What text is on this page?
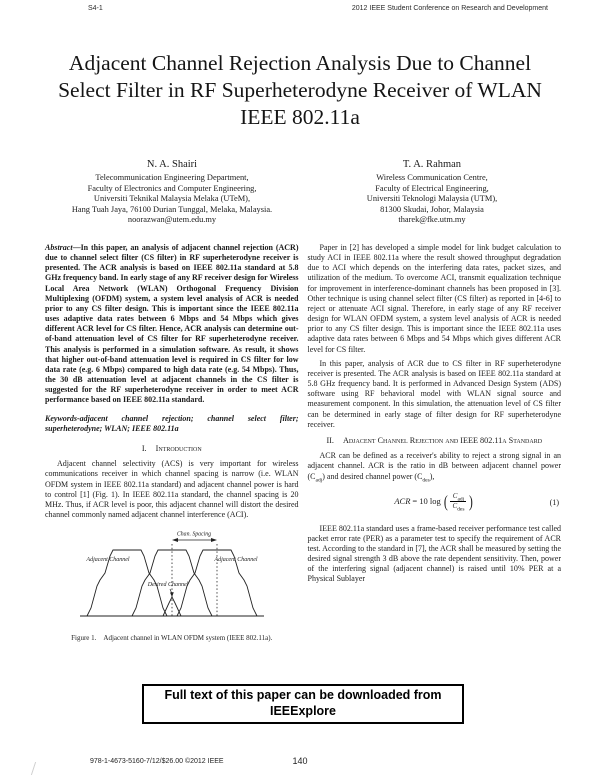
S4-1	2012 IEEE Student Conference on Research and Development
Adjacent Channel Rejection Analysis Due to Channel Select Filter in RF Superheterodyne Receiver of WLAN IEEE 802.11a
N. A. Shairi
Telecommunication Engineering Department,
Faculty of Electronics and Computer Engineering,
Universiti Teknikal Malaysia Melaka (UTeM),
Hang Tuah Jaya, 76100 Durian Tunggal, Melaka, Malaysia.
noorazwan@utem.edu.my
T. A. Rahman
Wireless Communication Centre,
Faculty of Electrical Engineering,
Universiti Teknologi Malaysia (UTM),
81300 Skudai, Johor, Malaysia
tharek@fke.utm.my

Abstract—In this paper, an analysis of adjacent channel rejection (ACR) due to channel select filter (CS filter) in RF superheterodyne receiver is presented. The ACR analysis is based on IEEE 802.11a standard at 5.8 GHz frequency band. In early stage of any RF receiver design for Wireless Local Area Network (WLAN) Orthogonal Frequency Division Multiplexing (OFDM) system, a system level analysis of ACR is needed prior to any CS filter design. This is important since the IEEE 802.11a uses adaptive data rates between 6 Mbps and 54 Mbps which gives different ACR level for CS filter. Hence, ACR analysis can determine out-of-band attenuation level of CS filter for RF superheterodyne receiver. This analysis is performed in a simulation software. As result, it shows that higher out-of-band attenuation level is required in CS filter for low data rate (e.g. 6 Mbps) compared to high data rate (e.g. 54 Mbps). Thus, the 30 dB attenuation level at adjacent channels in the CS filter is suggested for the RF superheterodyne receiver in order to meet ACR performance based on IEEE 802.11a standard.

Keywords-adjacent channel rejection; channel select filter; superheterodyne; WLAN; IEEE 802.11a

I. Introduction

Adjacent channel selectivity (ACS) is very important for wireless communications receiver in which channel spacing is narrow (i.e. WLAN OFDM system in IEEE 802.11a standard) and adjacent channel power is hard to control [1] (Fig. 1). In IEEE 802.11a standard, the channel spacing is 20 MHz. Thus, if ACR level is poor, this adjacent channel will distort the desired channel commonly named adjacent channel interference (ACI).

Chan. Spacing
Adjacent Channel	Adjacent Channel
Desired Channel
Figure 1. Adjacent channel in WLAN OFDM system (IEEE 802.11a).

Paper in [2] has developed a simple model for link budget calculation to study ACI in IEEE 802.11a where the result showed throughput degradation due to ACI which depends on the interfering data rates, packet sizes, and utilization of the medium. To overcome ACI, transmit equalization technique for improvement in interference-dominant channels has been proposed in [3]. Other technique is using channel select filter (CS filter) as reported in [4-6] to reject or attenuate ACI signal. Therefore, in early stage of any RF receiver design for WLAN OFDM system, a system level analysis of ACR is needed prior to any CS filter design. This is important since the IEEE 802.11a uses adaptive data rates between 6 Mbps and 54 Mbps which gives different ACR level for CS filter.

In this paper, analysis of ACR due to CS filter in RF superheterodyne receiver is presented. The ACR analysis is based on IEEE 802.11a standard at 5.8 GHz frequency band. It is performed in Advanced Design System (ADS) software using RF behavioral model with WLAN signal source and measurement component. In this simulation, the attenuation level of CS filter can be determined in early stage of filter design for RF superheterodyne receiver.

II. Adjacent Channel Rejection and IEEE 802.11a Standard

ACR can be defined as a receiver's ability to reject a strong signal in an adjacent channel. ACR is the ratio in dB between adjacent channel power $(C_{adj})$ and desired channel power $(C_{des})$,

ACR = 10 log ( $\frac{C_{adj}}{C_{des}}$ )	(1)

IEEE 802.11a standard uses a frame-based receiver performance test called packet error rate (PER) as a parameter test to specify the requirement of ACR test. According to the standard in [7], the ACR shall be measured by setting the desired signal strength 3 dB above the rate dependent sensitivity. Then, power of the interfering signal (adjacent channel) is raised until 10% PER at a Physical Sublayer

Full text of this paper can be downloaded from IEEExplore
140
978-1-4673-5160-7/12/$26.00 ©2012 IEEE
